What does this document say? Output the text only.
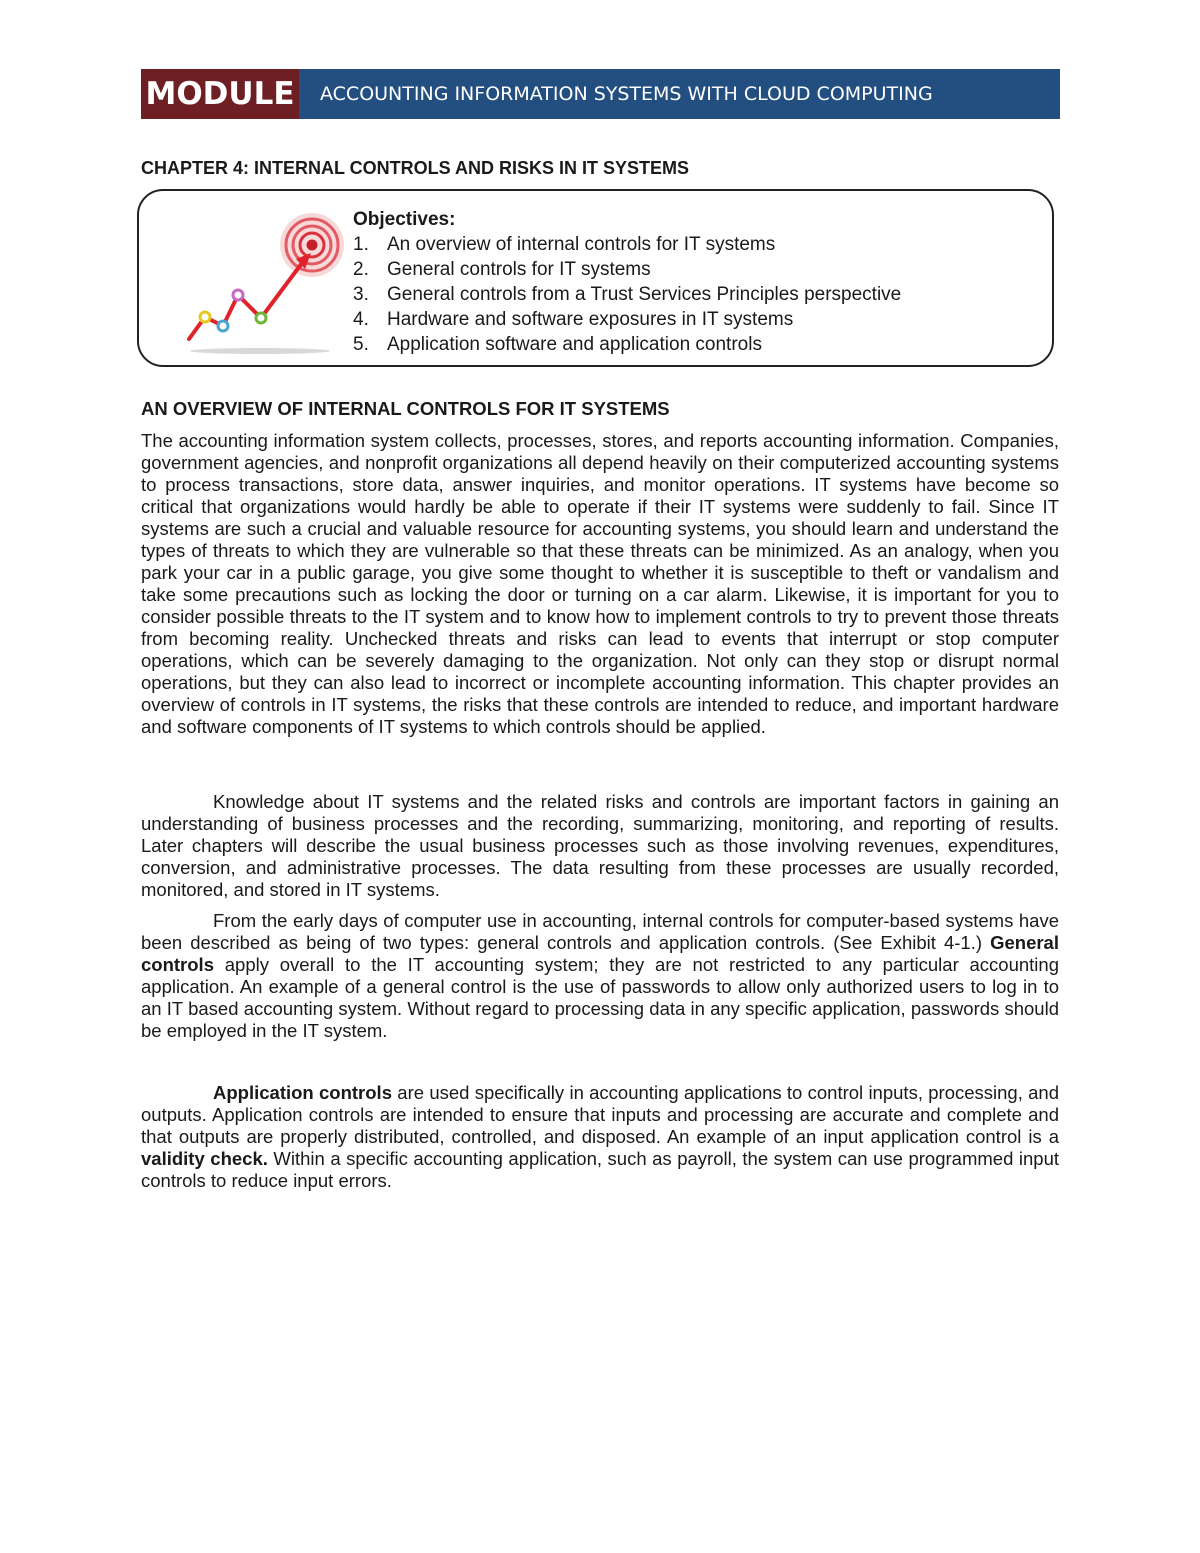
MODULE ACCOUNTING INFORMATION SYSTEMS WITH CLOUD COMPUTING
CHAPTER 4: INTERNAL CONTROLS AND RISKS IN IT SYSTEMS
Objectives:
1. An overview of internal controls for IT systems
2. General controls for IT systems
3. General controls from a Trust Services Principles perspective
4. Hardware and software exposures in IT systems
5. Application software and application controls
AN OVERVIEW OF INTERNAL CONTROLS FOR IT SYSTEMS

The accounting information system collects, processes, stores, and reports accounting information. Companies, government agencies, and nonprofit organizations all depend heavily on their computerized accounting systems to process transactions, store data, answer inquiries, and monitor operations. IT systems have become so critical that organizations would hardly be able to operate if their IT systems were suddenly to fail. Since IT systems are such a crucial and valuable resource for accounting systems, you should learn and understand the types of threats to which they are vulnerable so that these threats can be minimized. As an analogy, when you park your car in a public garage, you give some thought to whether it is susceptible to theft or vandalism and take some precautions such as locking the door or turning on a car alarm. Likewise, it is important for you to consider possible threats to the IT system and to know how to implement controls to try to prevent those threats from becoming reality. Unchecked threats and risks can lead to events that interrupt or stop computer operations, which can be severely damaging to the organization. Not only can they stop or disrupt normal operations, but they can also lead to incorrect or incomplete accounting information. This chapter provides an overview of controls in IT systems, the risks that these controls are intended to reduce, and important hardware and software components of IT systems to which controls should be applied.

Knowledge about IT systems and the related risks and controls are important factors in gaining an understanding of business processes and the recording, summarizing, monitoring, and reporting of results. Later chapters will describe the usual business processes such as those involving revenues, expenditures, conversion, and administrative processes. The data resulting from these processes are usually recorded, monitored, and stored in IT systems.

From the early days of computer use in accounting, internal controls for computer-based systems have been described as being of two types: general controls and application controls. (See Exhibit 4-1.) General controls apply overall to the IT accounting system; they are not restricted to any particular accounting application. An example of a general control is the use of passwords to allow only authorized users to log in to an IT based accounting system. Without regard to processing data in any specific application, passwords should be employed in the IT system.

Application controls are used specifically in accounting applications to control inputs, processing, and outputs. Application controls are intended to ensure that inputs and processing are accurate and complete and that outputs are properly distributed, controlled, and disposed. An example of an input application control is a validity check. Within a specific accounting application, such as payroll, the system can use programmed input controls to reduce input errors.
